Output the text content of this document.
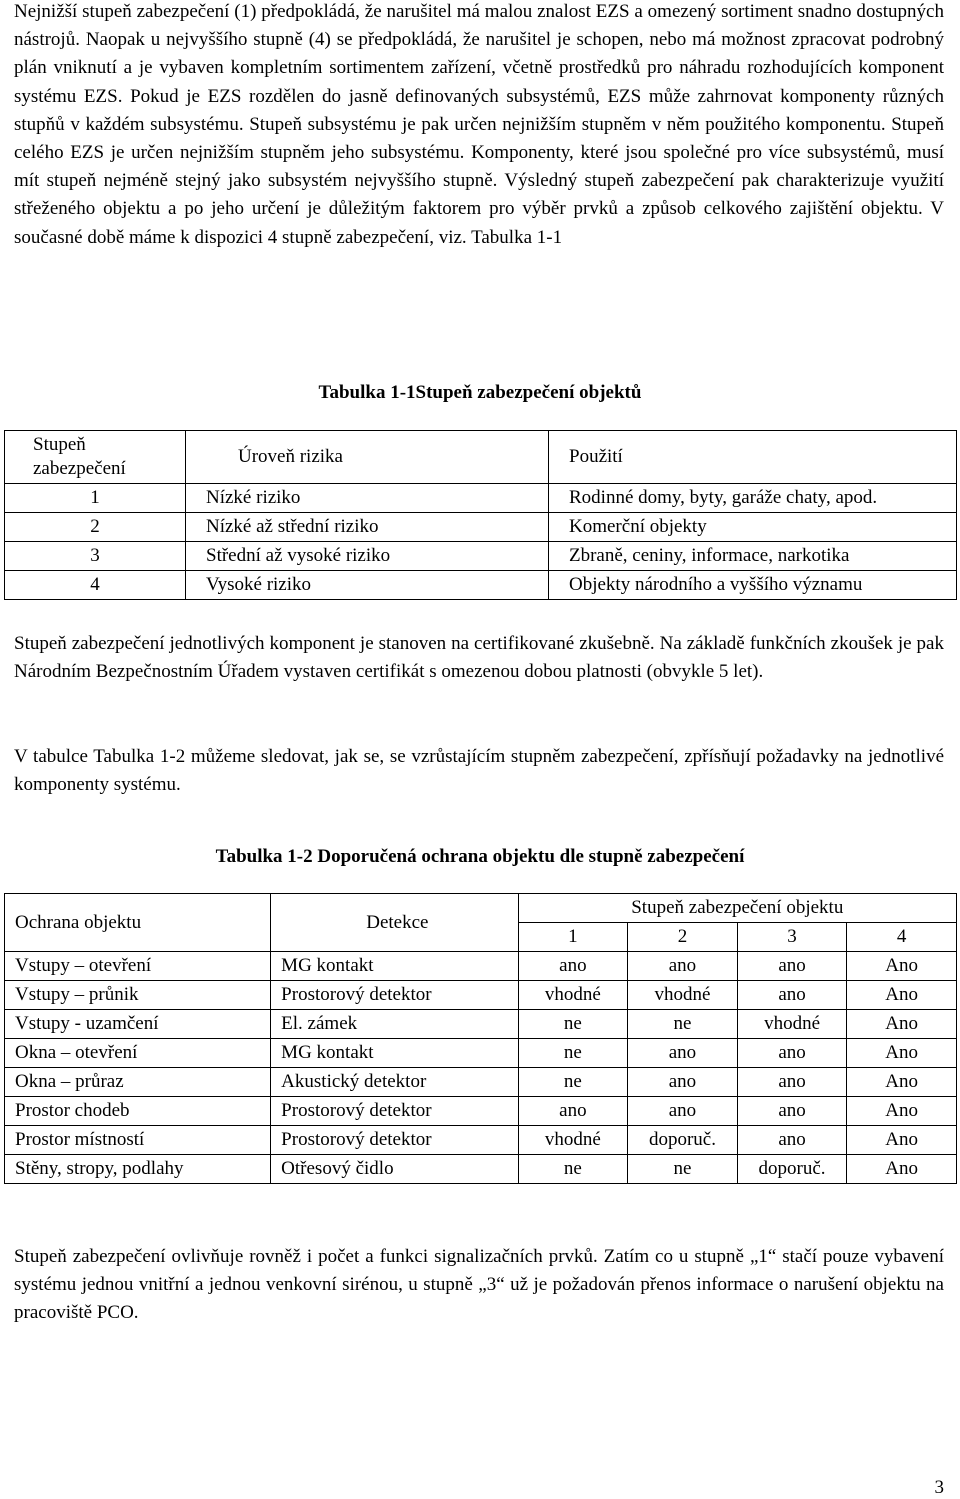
Nejnižší stupeň zabezpečení (1) předpokládá, že narušitel má malou znalost EZS a omezený sortiment snadno dostupných nástrojů. Naopak u nejvyššího stupně (4) se předpokládá, že narušitel je schopen, nebo má možnost zpracovat podrobný plán vniknutí a je vybaven kompletním sortimentem zařízení, včetně prostředků pro náhradu rozhodujících komponent systému EZS. Pokud je EZS rozdělen do jasně definovaných subsystémů, EZS může zahrnovat komponenty různých stupňů v každém subsystému. Stupeň subsystému je pak určen nejnižším stupněm v něm použitého komponentu. Stupeň celého EZS je určen nejnižším stupněm jeho subsystému. Komponenty, které jsou společné pro více subsystémů, musí mít stupeň nejméně stejný jako subsystém nejvyššího stupně. Výsledný stupeň zabezpečení pak charakterizuje využití střeženého objektu a po jeho určení je důležitým faktorem pro výběr prvků a způsob celkového zajištění objektu. V současné době máme k dispozici 4 stupně zabezpečení, viz. Tabulka 1-1

Tabulka 1-1Stupeň zabezpečení objektů

Stupeň zabezpečení	Úroveň rizika	Použití
1	Nízké riziko	Rodinné domy, byty, garáže chaty, apod.
2	Nízké až střední riziko	Komerční objekty
3	Střední až vysoké riziko	Zbraně, ceniny, informace, narkotika
4	Vysoké riziko	Objekty národního a vyššího významu

Stupeň zabezpečení jednotlivých komponent je stanoven na certifikované zkušebně. Na základě funkčních zkoušek je pak Národním Bezpečnostním Úřadem vystaven certifikát s omezenou dobou platnosti (obvykle 5 let).

V tabulce Tabulka 1-2 můžeme sledovat, jak se, se vzrůstajícím stupněm zabezpečení, zpřísňují požadavky na jednotlivé komponenty systému.

Tabulka 1-2 Doporučená ochrana objektu dle stupně zabezpečení

Ochrana objektu	Detekce	Stupeň zabezpečení objektu			
		1	2	3	4
Vstupy – otevření	MG kontakt	ano	ano	ano	Ano
Vstupy – průnik	Prostorový detektor	vhodné	vhodné	ano	Ano
Vstupy - uzamčení	El. zámek	ne	ne	vhodné	Ano
Okna – otevření	MG kontakt	ne	ano	ano	Ano
Okna – průraz	Akustický detektor	ne	ano	ano	Ano
Prostor chodeb	Prostorový detektor	ano	ano	ano	Ano
Prostor místností	Prostorový detektor	vhodné	doporuč.	ano	Ano
Stěny, stropy, podlahy	Otřesový čidlo	ne	ne	doporuč.	Ano

Stupeň zabezpečení ovlivňuje rovněž i počet a funkci signalizačních prvků. Zatím co u stupně „1“ stačí pouze vybavení systému jednou vnitřní a jednou venkovní sirénou, u stupně „3“ už je požadován přenos informace o narušení objektu na pracoviště PCO.

3
